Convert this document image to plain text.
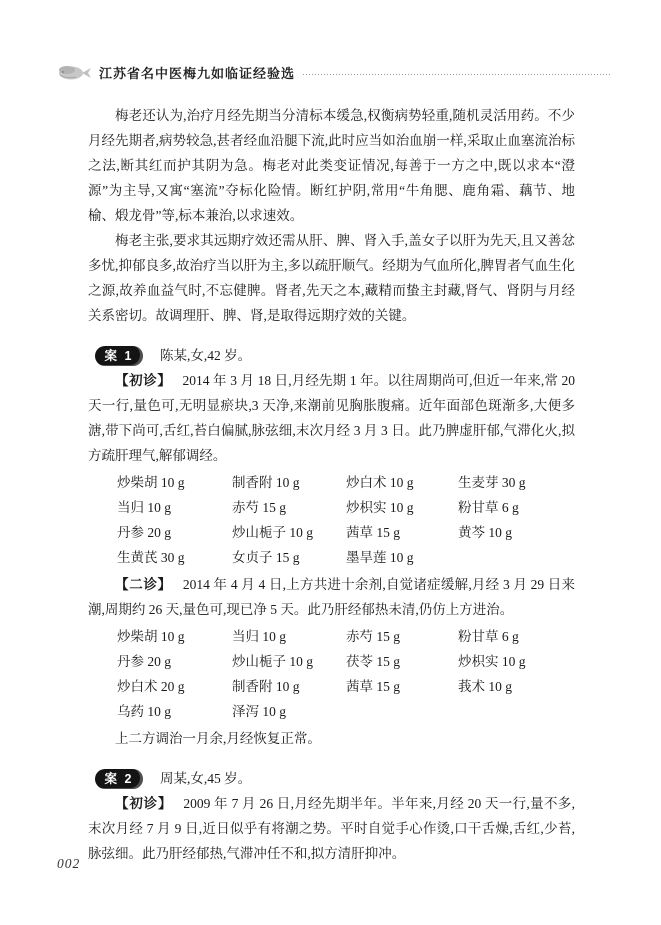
江苏省名中医梅九如临证经验选

梅老还认为,治疗月经先期当分清标本缓急,权衡病势轻重,随机灵活用药。不少月经先期者,病势较急,甚者经血沿腿下流,此时应当如治血崩一样,采取止血塞流治标之法,断其红而护其阴为急。梅老对此类变证情况,每善于一方之中,既以求本“澄源”为主导,又寓“塞流”夺标化险情。断红护阴,常用“牛角腮、鹿角霜、藕节、地榆、煅龙骨”等,标本兼治,以求速效。

梅老主张,要求其远期疗效还需从肝、脾、肾入手,盖女子以肝为先天,且又善忿多忧,抑郁良多,故治疗当以肝为主,多以疏肝顺气。经期为气血所化,脾胃者气血生化之源,故养血益气时,不忘健脾。肾者,先天之本,藏精而蛰主封藏,肾气、肾阴与月经关系密切。故调理肝、脾、肾,是取得远期疗效的关键。

案 1	陈某,女,42 岁。

【初诊】 2014 年 3 月 18 日,月经先期 1 年。以往周期尚可,但近一年来,常 20 天一行,量色可,无明显瘀块,3 天净,来潮前见胸胀腹痛。近年面部色斑渐多,大便多溏,带下尚可,舌红,苔白偏腻,脉弦细,末次月经 3 月 3 日。此乃脾虚肝郁,气滞化火,拟方疏肝理气,解郁调经。

炒柴胡 10 g	制香附 10 g	炒白术 10 g	生麦芽 30 g
当归 10 g	赤芍 15 g	炒枳实 10 g	粉甘草 6 g
丹参 20 g	炒山栀子 10 g	茜草 15 g	黄芩 10 g
生黄芪 30 g	女贞子 15 g	墨旱莲 10 g

【二诊】 2014 年 4 月 4 日,上方共进十余剂,自觉诸症缓解,月经 3 月 29 日来潮,周期约 26 天,量色可,现已净 5 天。此乃肝经郁热未清,仍仿上方进治。

炒柴胡 10 g	当归 10 g	赤芍 15 g	粉甘草 6 g
丹参 20 g	炒山栀子 10 g	茯苓 15 g	炒枳实 10 g
炒白术 20 g	制香附 10 g	茜草 15 g	莪术 10 g
乌药 10 g	泽泻 10 g

上二方调治一月余,月经恢复正常。

案 2	周某,女,45 岁。

【初诊】 2009 年 7 月 26 日,月经先期半年。半年来,月经 20 天一行,量不多,末次月经 7 月 9 日,近日似乎有将潮之势。平时自觉手心作烫,口干舌燥,舌红,少苔,脉弦细。此乃肝经郁热,气滞冲任不和,拟方清肝抑冲。

002
